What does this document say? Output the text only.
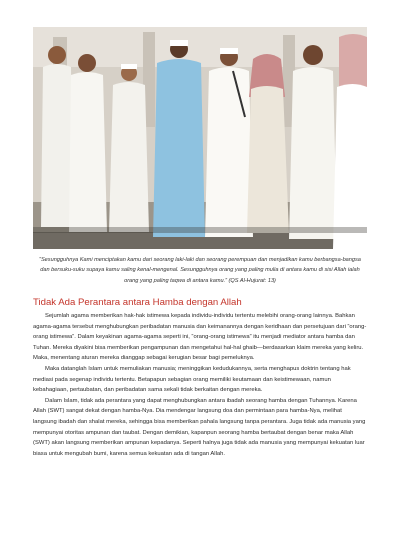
“Sesungguhnya Kami menciptakan kamu dari seorang laki-laki dan seorang perempuan dan menjadikan kamu berbangsa-bangsa dan bersuku-suku supaya kamu saling kenal-mengenal. Sesungguhnya orang yang paling mulia di antara kamu di sisi Allah ialah orang yang paling taqwa di antara kamu.” (QS Al-Hujurat: 13)
Tidak Ada Perantara antara Hamba dengan Allah

Sejumlah agama memberikan hak-hak istimewa kepada individu-individu tertentu melebihi orang-orang lainnya. Bahkan agama-agama tersebut menghubungkan peribadatan manusia dan keimanannya dengan keridhaan dan persetujuan dari “orang-orang istimewa”. Dalam keyakinan agama-agama seperti ini, “orang-orang istimewa” itu menjadi mediator antara hamba dan Tuhan. Mereka diyakini bisa memberikan pengampunan dan mengetahui hal-hal ghaib—berdasarkan klaim mereka yang keliru. Maka, menentang aturan mereka dianggap sebagai kerugian besar bagi pemeluknya.

Maka datanglah Islam untuk memuliakan manusia; meninggikan kedudukannya, serta menghapus doktrin tentang hak mediasi pada segenap individu tertentu. Betapapun sebagian orang memiliki keutamaan dan keistimewaan, namun kebahagiaan, pertaubatan, dan peribadatan sama sekali tidak berkaitan dengan mereka.

Dalam Islam, tidak ada perantara yang dapat menghubungkan antara ibadah seorang hamba dengan Tuhannya. Karena Allah (SWT) sangat dekat dengan hamba-Nya. Dia mendengar langsung doa dan permintaan para hamba-Nya, melihat langsung ibadah dan shalat mereka, sehingga bisa memberikan pahala langsung tanpa perantara. Juga tidak ada manusia yang mempunyai otoritas ampunan dan taubat. Dengan demikian, kapanpun seorang hamba bertaubat dengan benar maka Allah (SWT) akan langsung memberikan ampunan kepadanya. Seperti halnya juga tidak ada manusia yang mempunyai kekuatan luar biasa untuk mengubah bumi, karena semua kekuatan ada di tangan Allah.
